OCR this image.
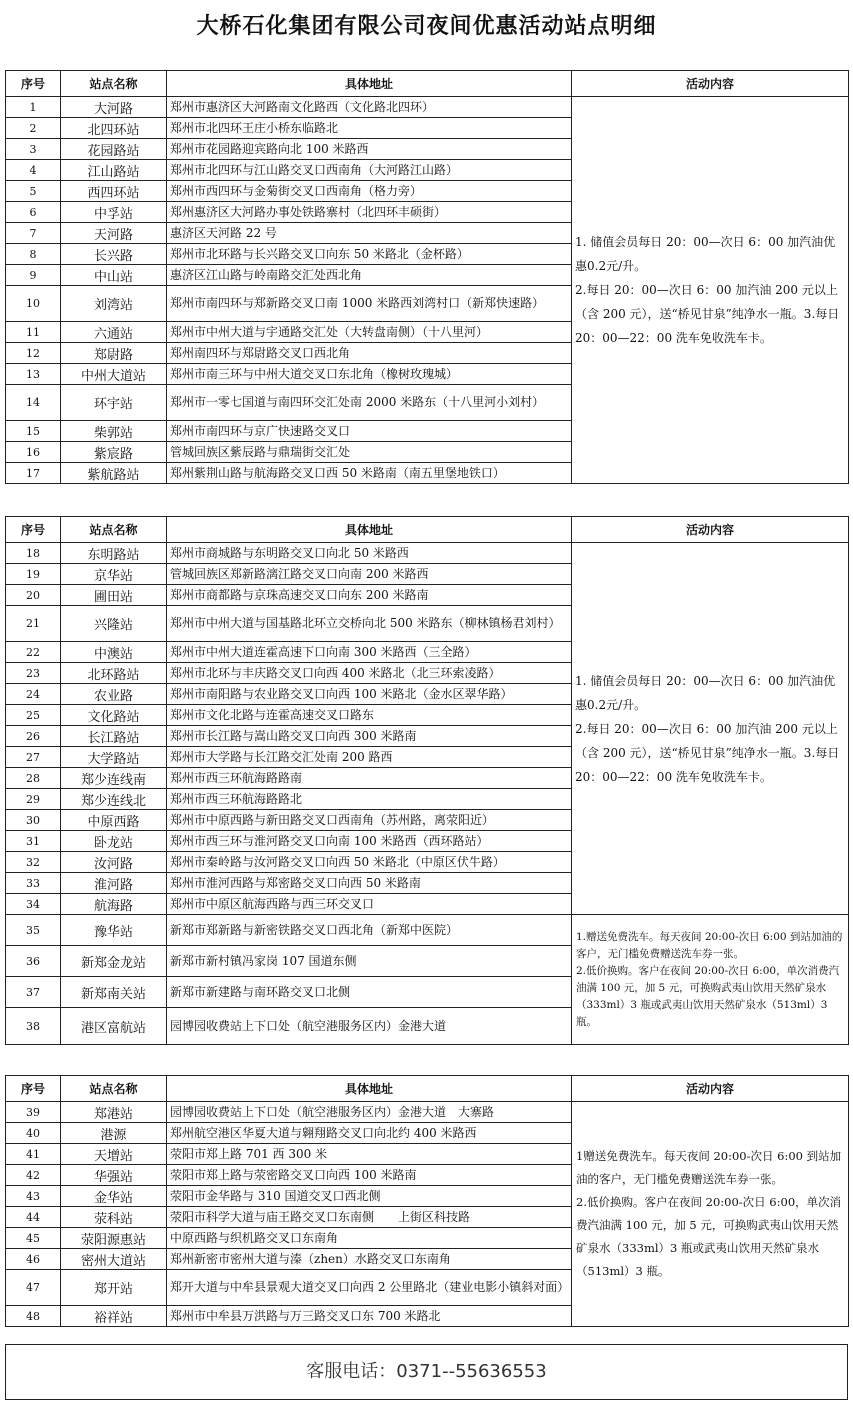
大桥石化集团有限公司夜间优惠活动站点明细
序号	站点名称	具体地址	活动内容
1	大河路	郑州市惠济区大河路南文化路西（文化路北四环）	1. 储值会员每日 20：00—次日 6：00 加汽油优惠0.2元/升。
2.每日 20：00—次日 6：00 加汽油 200 元以上（含 200 元），送“桥见甘泉”纯净水一瓶。3.每日 20：00—22：00 洗车免收洗车卡。

2	北四环站	郑州市北四环王庄小桥东临路北	
3	花园路站	郑州市花园路迎宾路向北 100 米路西	
4	江山路站	郑州市北四环与江山路交叉口西南角（大河路江山路）	
5	西四环站	郑州市西四环与金菊街交叉口西南角（格力旁）	
6	中孚站	郑州惠济区大河路办事处铁路寨村（北四环丰硕街）	
7	天河路	惠济区天河路 22 号	
8	长兴路	郑州市北环路与长兴路交叉口向东 50 米路北（金杯路）	
9	中山站	惠济区江山路与岭南路交汇处西北角	
10	刘湾站	郑州市南四环与郑新路交叉口南 1000 米路西刘湾村口（新郑快速路）	
11	六通站	郑州市中州大道与宇通路交汇处（大转盘南侧）（十八里河）	
12	郑尉路	郑州南四环与郑尉路交叉口西北角	
13	中州大道站	郑州市南三环与中州大道交叉口东北角（橡树玫瑰城）	
14	环宇站	郑州市一零七国道与南四环交汇处南 2000 米路东（十八里河小刘村）	
15	柴郭站	郑州市南四环与京广快速路交叉口	
16	紫宸路	管城回族区紫辰路与鼎瑞街交汇处	
17	紫航路站	郑州紫荆山路与航海路交叉口西 50 米路南（南五里堡地铁口）	
序号	站点名称	具体地址	活动内容
18	东明路站	郑州市商城路与东明路交叉口向北 50 米路西	1. 储值会员每日 20：00—次日 6：00 加汽油优惠0.2元/升。
2.每日 20：00—次日 6：00 加汽油 200 元以上（含 200 元），送“桥见甘泉”纯净水一瓶。3.每日 20：00—22：00 洗车免收洗车卡。

19	京华站	管城回族区郑新路漓江路交叉口向南 200 米路西	
20	圃田站	郑州市商都路与京珠高速交叉口向东 200 米路南	
21	兴隆站	郑州市中州大道与国基路北环立交桥向北 500 米路东（柳林镇杨君刘村）	
22	中澳站	郑州市中州大道连霍高速下口向南 300 米路西（三全路）	
23	北环路站	郑州市北环与丰庆路交叉口向西 400 米路北（北三环索凌路）	
24	农业路	郑州市南阳路与农业路交叉口向西 100 米路北（金水区翠华路）	
25	文化路站	郑州市文化北路与连霍高速交叉口路东	
26	长江路站	郑州市长江路与嵩山路交叉口向西 300 米路南	
27	大学路站	郑州市大学路与长江路交汇处南 200 路西	
28	郑少连线南	郑州市西三环航海路路南	
29	郑少连线北	郑州市西三环航海路路北	
30	中原西路	郑州市中原西路与新田路交叉口西南角（苏州路，离荥阳近）	
31	卧龙站	郑州市西三环与淮河路交叉口向南 100 米路西（西环路站）	
32	汝河路	郑州市秦岭路与汝河路交叉口向西 50 米路北（中原区伏牛路）	
33	淮河路	郑州市淮河西路与郑密路交叉口向西 50 米路南	
34	航海路	郑州市中原区航海西路与西三环交叉口	
35	豫华站	新郑市郑新路与新密铁路交叉口西北角（新郑中医院）	1.赠送免费洗车。每天夜间 20:00-次日 6:00 到站加油的客户，无门槛免费赠送洗车券一张。
2.低价换购。客户在夜间 20:00-次日 6:00，单次消费汽油满 100 元，加 5 元，可换购武夷山饮用天然矿泉水（333ml）3 瓶或武夷山饮用天然矿泉水（513ml）3 瓶。

36	新郑金龙站	新郑市新村镇冯家岗 107 国道东侧	
37	新郑南关站	新郑市新建路与南环路交叉口北侧	
38	港区富航站	园博园收费站上下口处（航空港服务区内）金港大道	
序号	站点名称	具体地址	活动内容
39	郑港站	园博园收费站上下口处（航空港服务区内）金港大道　大寨路	1赠送免费洗车。每天夜间 20:00-次日 6:00 到站加油的客户，无门槛免费赠送洗车券一张。
2.低价换购。客户在夜间 20:00-次日 6:00，单次消费汽油满 100 元，加 5 元，可换购武夷山饮用天然矿泉水（333ml）3 瓶或武夷山饮用天然矿泉水（513ml）3 瓶。

40	港源	郑州航空港区华夏大道与翱翔路交叉口向北约 400 米路西	
41	天增站	荥阳市郑上路 701 西 300 米	
42	华强站	荥阳市郑上路与荥密路交叉口向西 100 米路南	
43	金华站	荥阳市金华路与 310 国道交叉口西北侧	
44	荥科站	荥阳市科学大道与庙王路交叉口东南侧　　上街区科技路	
45	荥阳源惠站	中原西路与织机路交叉口东南角	
46	密州大道站	郑州新密市密州大道与溱（zhen）水路交叉口东南角	
47	郑开站	郑开大道与中牟县景观大道交叉口向西 2 公里路北（建业电影小镇斜对面）	
48	裕祥站	郑州市中牟县万洪路与万三路交叉口东 700 米路北	
客服电话：0371--55636553
